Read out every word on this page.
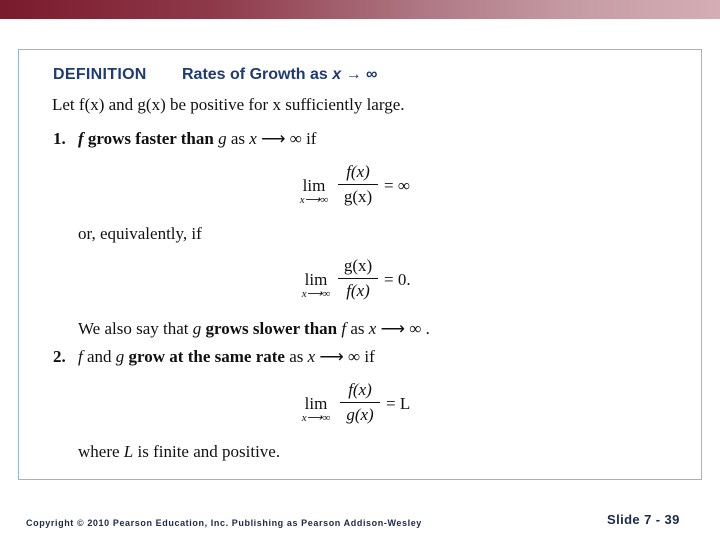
DEFINITION Rates of Growth as x → ∞
Let f(x) and g(x) be positive for x sufficiently large.
1. f grows faster than g as x ⟶ ∞ if
lim
x⟶∞
f(x)
g(x)
= ∞
or, equivalently, if
lim
x⟶∞
g(x)
f(x)
= 0.
We also say that g grows slower than f as x ⟶ ∞ .
2. f and g grow at the same rate as x ⟶ ∞ if
lim
x⟶∞
f(x)
g(x)
= L
where L is finite and positive.
Copyright © 2010 Pearson Education, Inc. Publishing as Pearson Addison-Wesley	Slide 7 - 39
